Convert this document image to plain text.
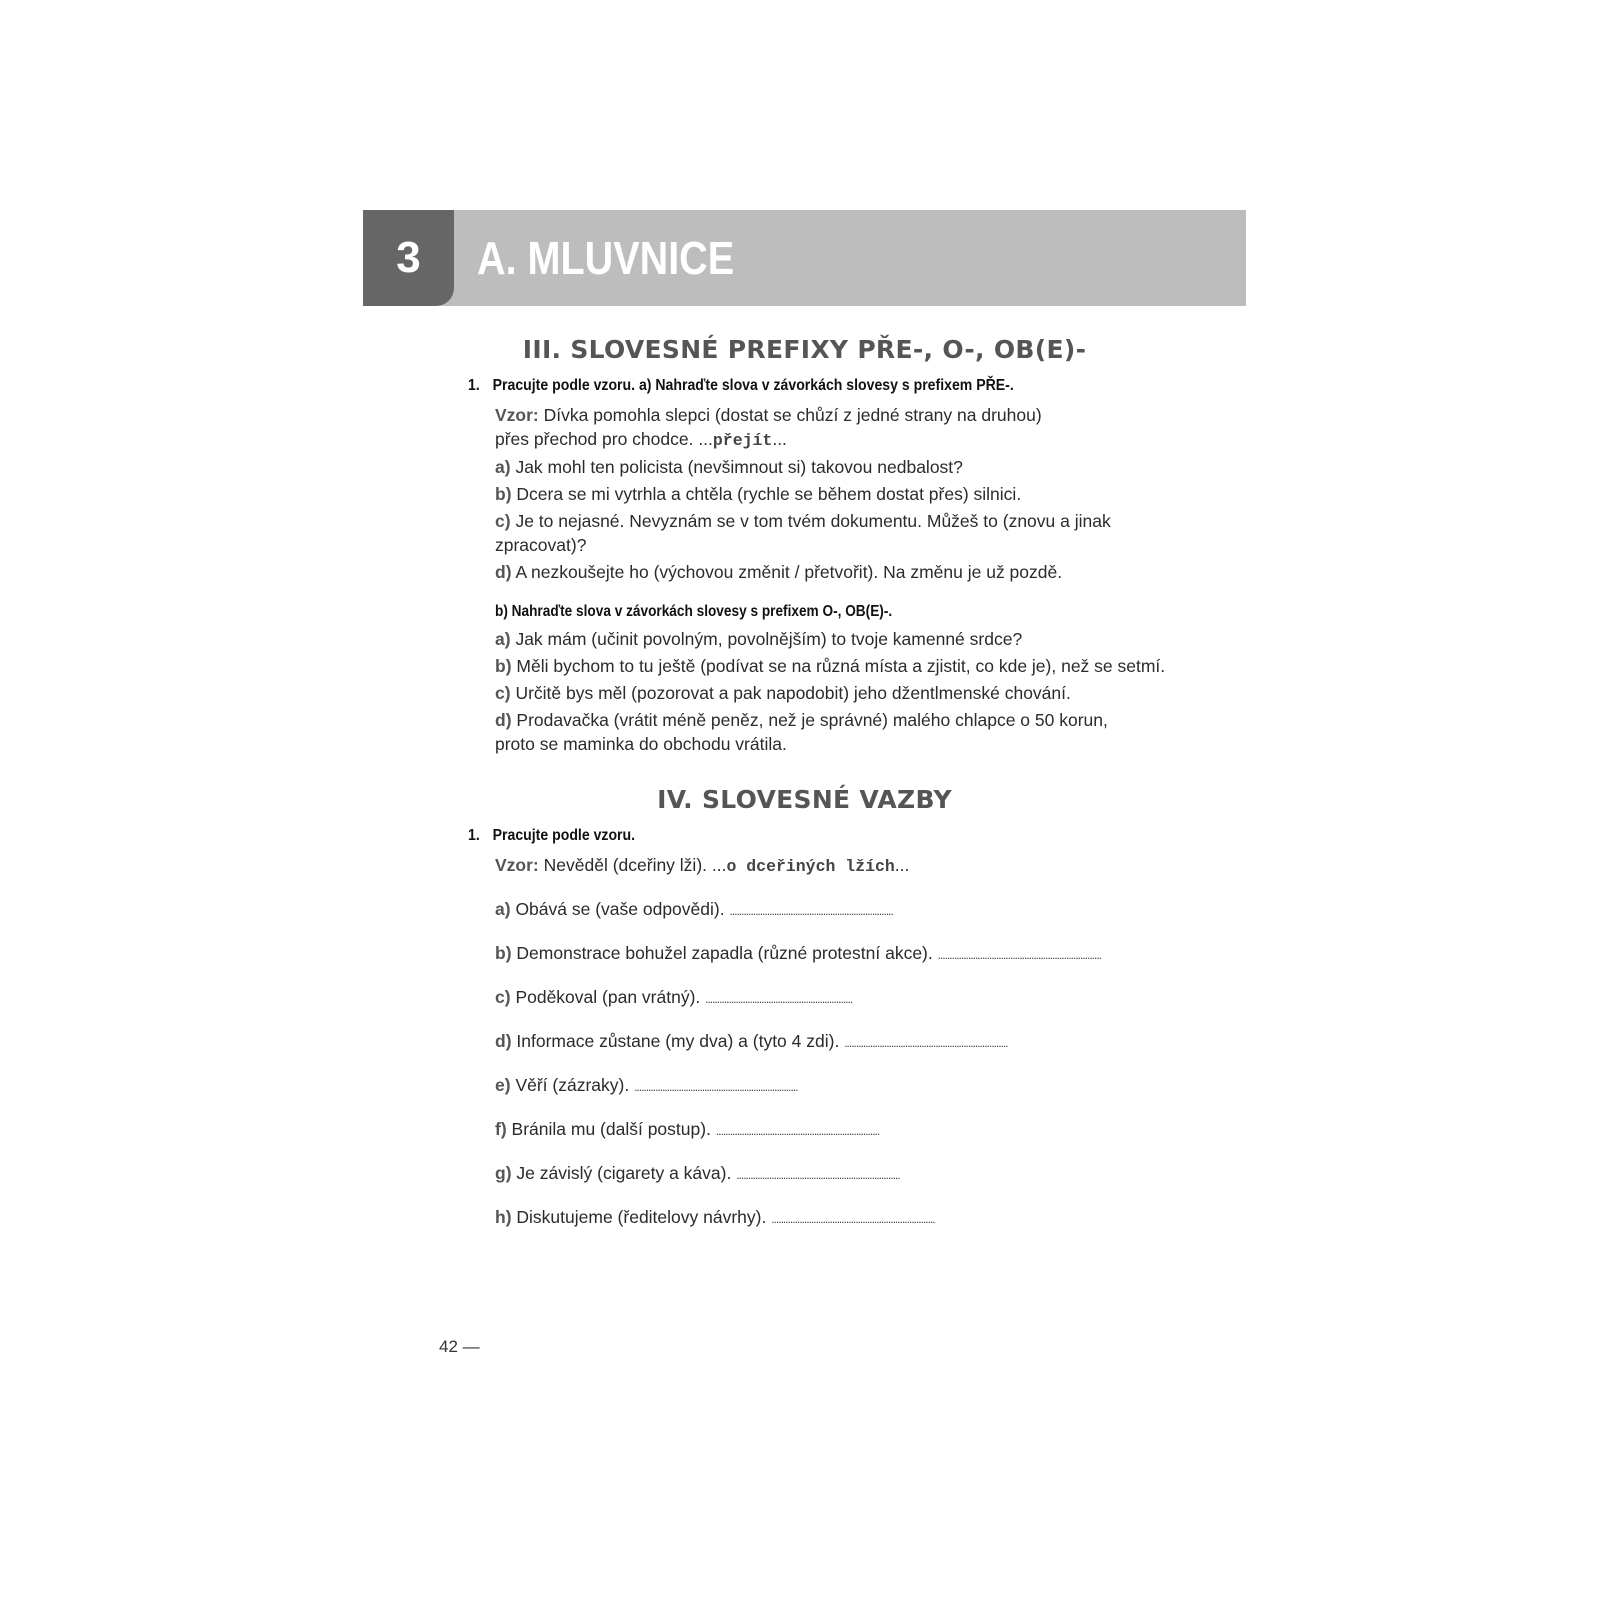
3	A. MLUVNICE
III. SLOVESNÉ PREFIXY PŘE-, O-, OB(E)-
1. Pracujte podle vzoru. a) Nahraďte slova v závorkách slovesy s prefixem PŘE-.
Vzor: Dívka pomohla slepci (dostat se chůzí z jedné strany na druhou)
přes přechod pro chodce. ...přejít...
a) Jak mohl ten policista (nevšimnout si) takovou nedbalost?
b) Dcera se mi vytrhla a chtěla (rychle se během dostat přes) silnici.
c) Je to nejasné. Nevyznám se v tom tvém dokumentu. Můžeš to (znovu a jinak
zpracovat)?
d) A nezkoušejte ho (výchovou změnit / přetvořit). Na změnu je už pozdě.
b) Nahraďte slova v závorkách slovesy s prefixem O-, OB(E)-.
a) Jak mám (učinit povolným, povolnějším) to tvoje kamenné srdce?
b) Měli bychom to tu ještě (podívat se na různá místa a zjistit, co kde je), než se setmí.
c) Určitě bys měl (pozorovat a pak napodobit) jeho džentlmenské chování.
d) Prodavačka (vrátit méně peněz, než je správné) malého chlapce o 50 korun,
proto se maminka do obchodu vrátila.
IV. SLOVESNÉ VAZBY
1. Pracujte podle vzoru.
Vzor: Nevěděl (dceřiny lži). ...o dceřiných lžích...
a) Obává se (vaše odpovědi). ......................................................................
b) Demonstrace bohužel zapadla (různé protestní akce). ......................................................................
c) Poděkoval (pan vrátný). ...............................................................
d) Informace zůstane (my dva) a (tyto 4 zdi). ......................................................................
e) Věří (zázraky). ......................................................................
f) Bránila mu (další postup). ......................................................................
g) Je závislý (cigarety a káva). ......................................................................
h) Diskutujeme (ředitelovy návrhy). ......................................................................
42 —
